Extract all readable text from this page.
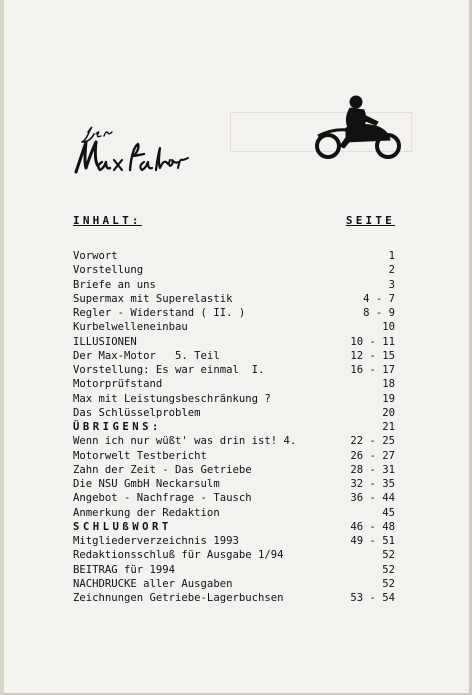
INHALT:	SEITE
Vorwort	1
Vorstellung	2
Briefe an uns	3
Supermax mit Superelastik	4 - 7
Regler - Widerstand ( II. )	8 - 9
Kurbelwelleneinbau	10
ILLUSIONEN	10 - 11
Der Max-Motor   5. Teil	12 - 15
Vorstellung: Es war einmal  I.	16 - 17
Motorprüfstand	18
Max mit Leistungsbeschränkung ?	19
Das Schlüsselproblem	20
ÜBRIGENS:	21
Wenn ich nur wüßt' was drin ist! 4.	22 - 25
Motorwelt Testbericht	26 - 27
Zahn der Zeit - Das Getriebe	28 - 31
Die NSU GmbH Neckarsulm	32 - 35
Angebot - Nachfrage - Tausch	36 - 44
Anmerkung der Redaktion	45
SCHLUßWORT	46 - 48
Mitgliederverzeichnis 1993	49 - 51
Redaktionsschluß für Ausgabe 1/94	52
BEITRAG für 1994	52
NACHDRUCKE aller Ausgaben	52
Zeichnungen Getriebe-Lagerbuchsen	53 - 54
